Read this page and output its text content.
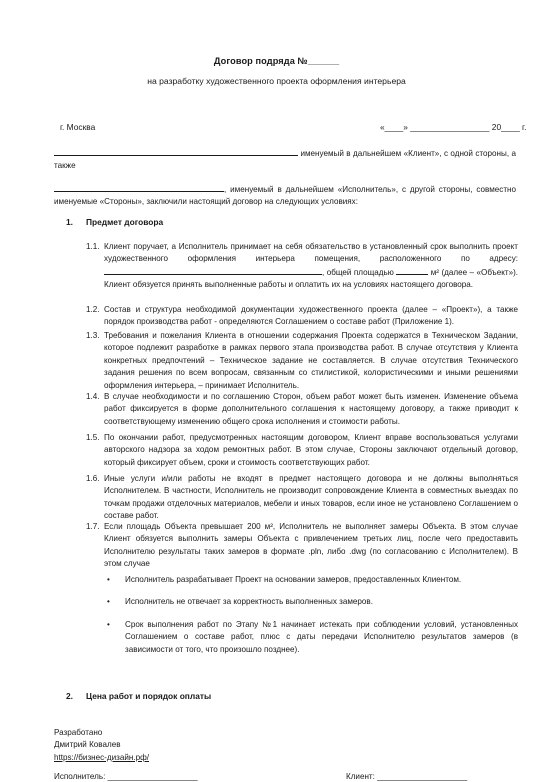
Договор подряда №______
на разработку художественного проекта оформления интерьера
г. Москва	«____» _________________ 20____ г.
именуемый в дальнейшем «Клиент», с одной стороны, а также
, именуемый в дальнейшем «Исполнитель», с другой стороны, совместно именуемые «Стороны», заключили настоящий договор на следующих условиях:
1. Предмет договора
1.1. Клиент поручает, а Исполнитель принимает на себя обязательство в установленный срок выполнить проект художественного оформления интерьера помещения, расположенного по адресу: , общей площадью	м² (далее – «Объект»). Клиент обязуется принять выполненные работы и оплатить их на условиях настоящего договора.
1.2. Состав и структура необходимой документации художественного проекта (далее – «Проект»), а также порядок производства работ - определяются Соглашением о составе работ (Приложение 1).
1.3. Требования и пожелания Клиента в отношении содержания Проекта содержатся в Техническом Задании, которое подлежит разработке в рамках первого этапа производства работ. В случае отсутствия у Клиента конкретных предпочтений – Техническое задание не составляется. В случае отсутствия Технического задания решения по всем вопросам, связанным со стилистикой, колористическими и иными решениями оформления интерьера, – принимает Исполнитель.
1.4. В случае необходимости и по соглашению Сторон, объем работ может быть изменен. Изменение объема работ фиксируется в форме дополнительного соглашения к настоящему договору, а также приводит к соответствующему изменению общего срока исполнения и стоимости работы.
1.5. По окончании работ, предусмотренных настоящим договором, Клиент вправе воспользоваться услугами авторского надзора за ходом ремонтных работ. В этом случае, Стороны заключают отдельный договор, который фиксирует объем, сроки и стоимость соответствующих работ.
1.6. Иные услуги и/или работы не входят в предмет настоящего договора и не должны выполняться Исполнителем. В частности, Исполнитель не производит сопровождение Клиента в совместных выездах по точкам продажи отделочных материалов, мебели и иных товаров, если иное не установлено Соглашением о составе работ.
1.7. Если площадь Объекта превышает 200 м², Исполнитель не выполняет замеры Объекта. В этом случае Клиент обязуется выполнить замеры Объекта с привлечением третьих лиц, после чего предоставить Исполнителю результаты таких замеров в формате .pln, либо .dwg (по согласованию с Исполнителем). В этом случае
• Исполнитель разрабатывает Проект на основании замеров, предоставленных Клиентом.
• Исполнитель не отвечает за корректность выполненных замеров.
• Срок выполнения работ по Этапу №1 начинает истекать при соблюдении условий, установленных Соглашением о составе работ, плюс с даты передачи Исполнителю результатов замеров (в зависимости от того, что произошло позднее).
2. Цена работ и порядок оплаты
Разработано
Дмитрий Ковалев
https://бизнес-дизайн.рф/
Исполнитель: ____________________	Клиент: ____________________
